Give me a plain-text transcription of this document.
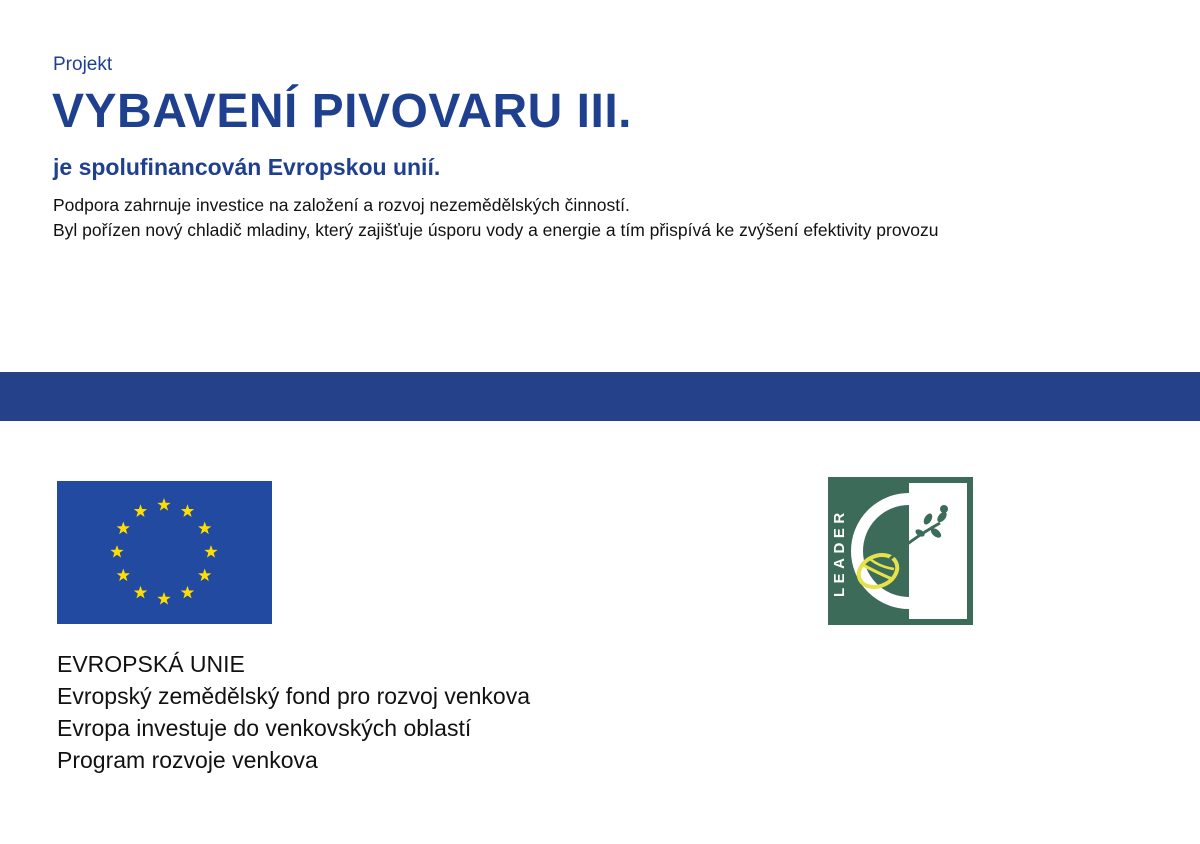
Projekt
VYBAVENÍ PIVOVARU III.
je spolufinancován Evropskou unií.
Podpora zahrnuje investice na založení a rozvoj nezemědělských činností.
Byl pořízen nový chladič mladiny, který zajišťuje úsporu vody a energie a tím přispívá ke zvýšení efektivity provozu
LEADER
EVROPSKÁ UNIE
Evropský zemědělský fond pro rozvoj venkova
Evropa investuje do venkovských oblastí
Program rozvoje venkova
